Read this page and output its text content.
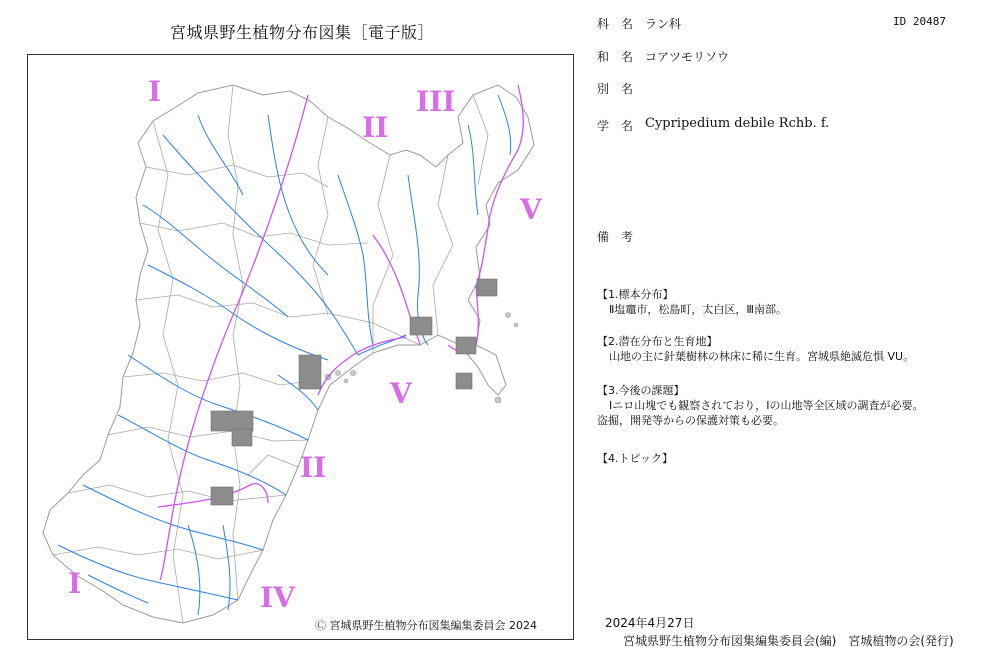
宮城県野生植物分布図集［電子版］
I
II
III
II
V
V
I	IV
Ⓒ 宮城県野生植物分布図集編集委員会 2024
科　名 ラン科	ID 20487
和　名 コアツモリソウ
別　名
学　名 Cypripedium debile Rchb. f.
備　考
【1.標本分布】
Ⅱ塩竈市，松島町，太白区，Ⅲ南部。
【2.潜在分布と生育地】
山地の主に針葉樹林の林床に稀に生育。宮城県絶滅危惧 VU。
【3.今後の課題】
Ⅰニロ山塊でも観察されており，Ⅰの山地等全区域の調査が必要。
盗掘，開発等からの保護対策も必要。
【4.トピック】
2024年4月27日
宮城県野生植物分布図集編集委員会(編)　宮城植物の会(発行)
